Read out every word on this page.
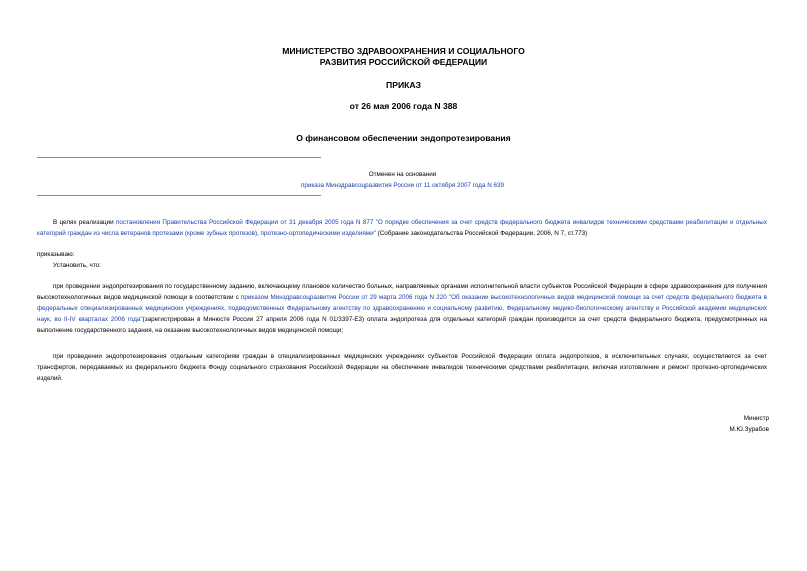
МИНИСТЕРСТВО ЗДРАВООХРАНЕНИЯ И СОЦИАЛЬНОГО
РАЗВИТИЯ РОССИЙСКОЙ ФЕДЕРАЦИИ
ПРИКАЗ
от 26 мая 2006 года N 388
О финансовом обеспечении эндопротезирования
Отменен на основании
приказа Минздравсоцразвития России от 11 октября 2007 года N 639
В целях реализации постановления Правительства Российской Федерации от 31 декабря 2005 года N 877 "О порядке обеспечения за счет средств федерального бюджета инвалидов техническими средствами реабилитации и отдельных категорий граждан из числа ветеранов протезами (кроме зубных протезов), протезно-ортопедическими изделиями" (Собрание законодательства Российской Федерации, 2006, N 7, ст.773)
приказываю:
Установить, что:
при проведении эндопротезирования по государственному заданию, включающему плановое количество больных, направляемых органами исполнительной власти субъектов Российской Федерации в сфере здравоохранения для получения высокотехнологичных видов медицинской помощи в соответствии с приказом Минздравсоцразвития России от 29 марта 2006 года N 220 "Об оказании высокотехнологичных видов медицинской помощи за счет средств федерального бюджета в федеральных специализированных медицинских учреждениях, подведомственных Федеральному агентству по здравоохранению и социальному развитию, Федеральному медико-биологическому агентству и Российской академии медицинских наук, во II-IV кварталах 2006 года"(зарегистрирован в Минюсте России 27 апреля 2006 года N 01/3397-Е3) оплата эндопротеза для отдельных категорий граждан производится за счет средств федерального бюджета, предусмотренных на выполнение государственного задания, на оказание высокотехнологичных видов медицинской помощи;
при проведении эндопротезирования отдельным категориям граждан в специализированных медицинских учреждениях субъектов Российской Федерации оплата эндопротезов, в исключительных случаях, осуществляется за счет трансфертов, передаваемых из федерального бюджета Фонду социального страхования Российской Федерации на обеспечение инвалидов техническими средствами реабилитации, включая изготовление и ремонт протезно-ортопедических изделий.
Министр
М.Ю.Зурабов
